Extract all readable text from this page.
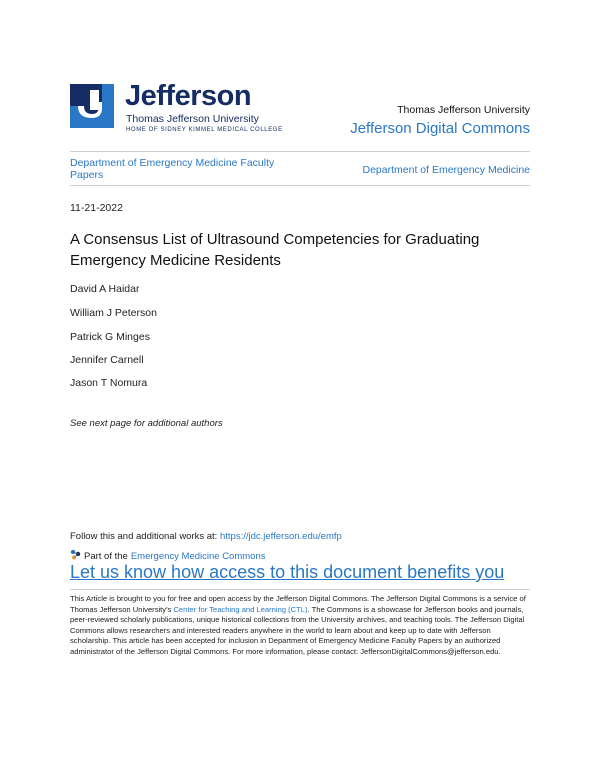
Jefferson
Thomas Jefferson University
HOME OF SIDNEY KIMMEL MEDICAL COLLEGE
Thomas Jefferson University
Jefferson Digital Commons
Department of Emergency Medicine Faculty Papers	Department of Emergency Medicine
11-21-2022
A Consensus List of Ultrasound Competencies for Graduating Emergency Medicine Residents
David A Haidar
William J Peterson
Patrick G Minges
Jennifer Carnell
Jason T Nomura
See next page for additional authors
Follow this and additional works at: https://jdc.jefferson.edu/emfp
Part of the Emergency Medicine Commons
Let us know how access to this document benefits you
This Article is brought to you for free and open access by the Jefferson Digital Commons. The Jefferson Digital Commons is a service of Thomas Jefferson University's Center for Teaching and Learning (CTL). The Commons is a showcase for Jefferson books and journals, peer-reviewed scholarly publications, unique historical collections from the University archives, and teaching tools. The Jefferson Digital Commons allows researchers and interested readers anywhere in the world to learn about and keep up to date with Jefferson scholarship. This article has been accepted for inclusion in Department of Emergency Medicine Faculty Papers by an authorized administrator of the Jefferson Digital Commons. For more information, please contact: JeffersonDigitalCommons@jefferson.edu.
